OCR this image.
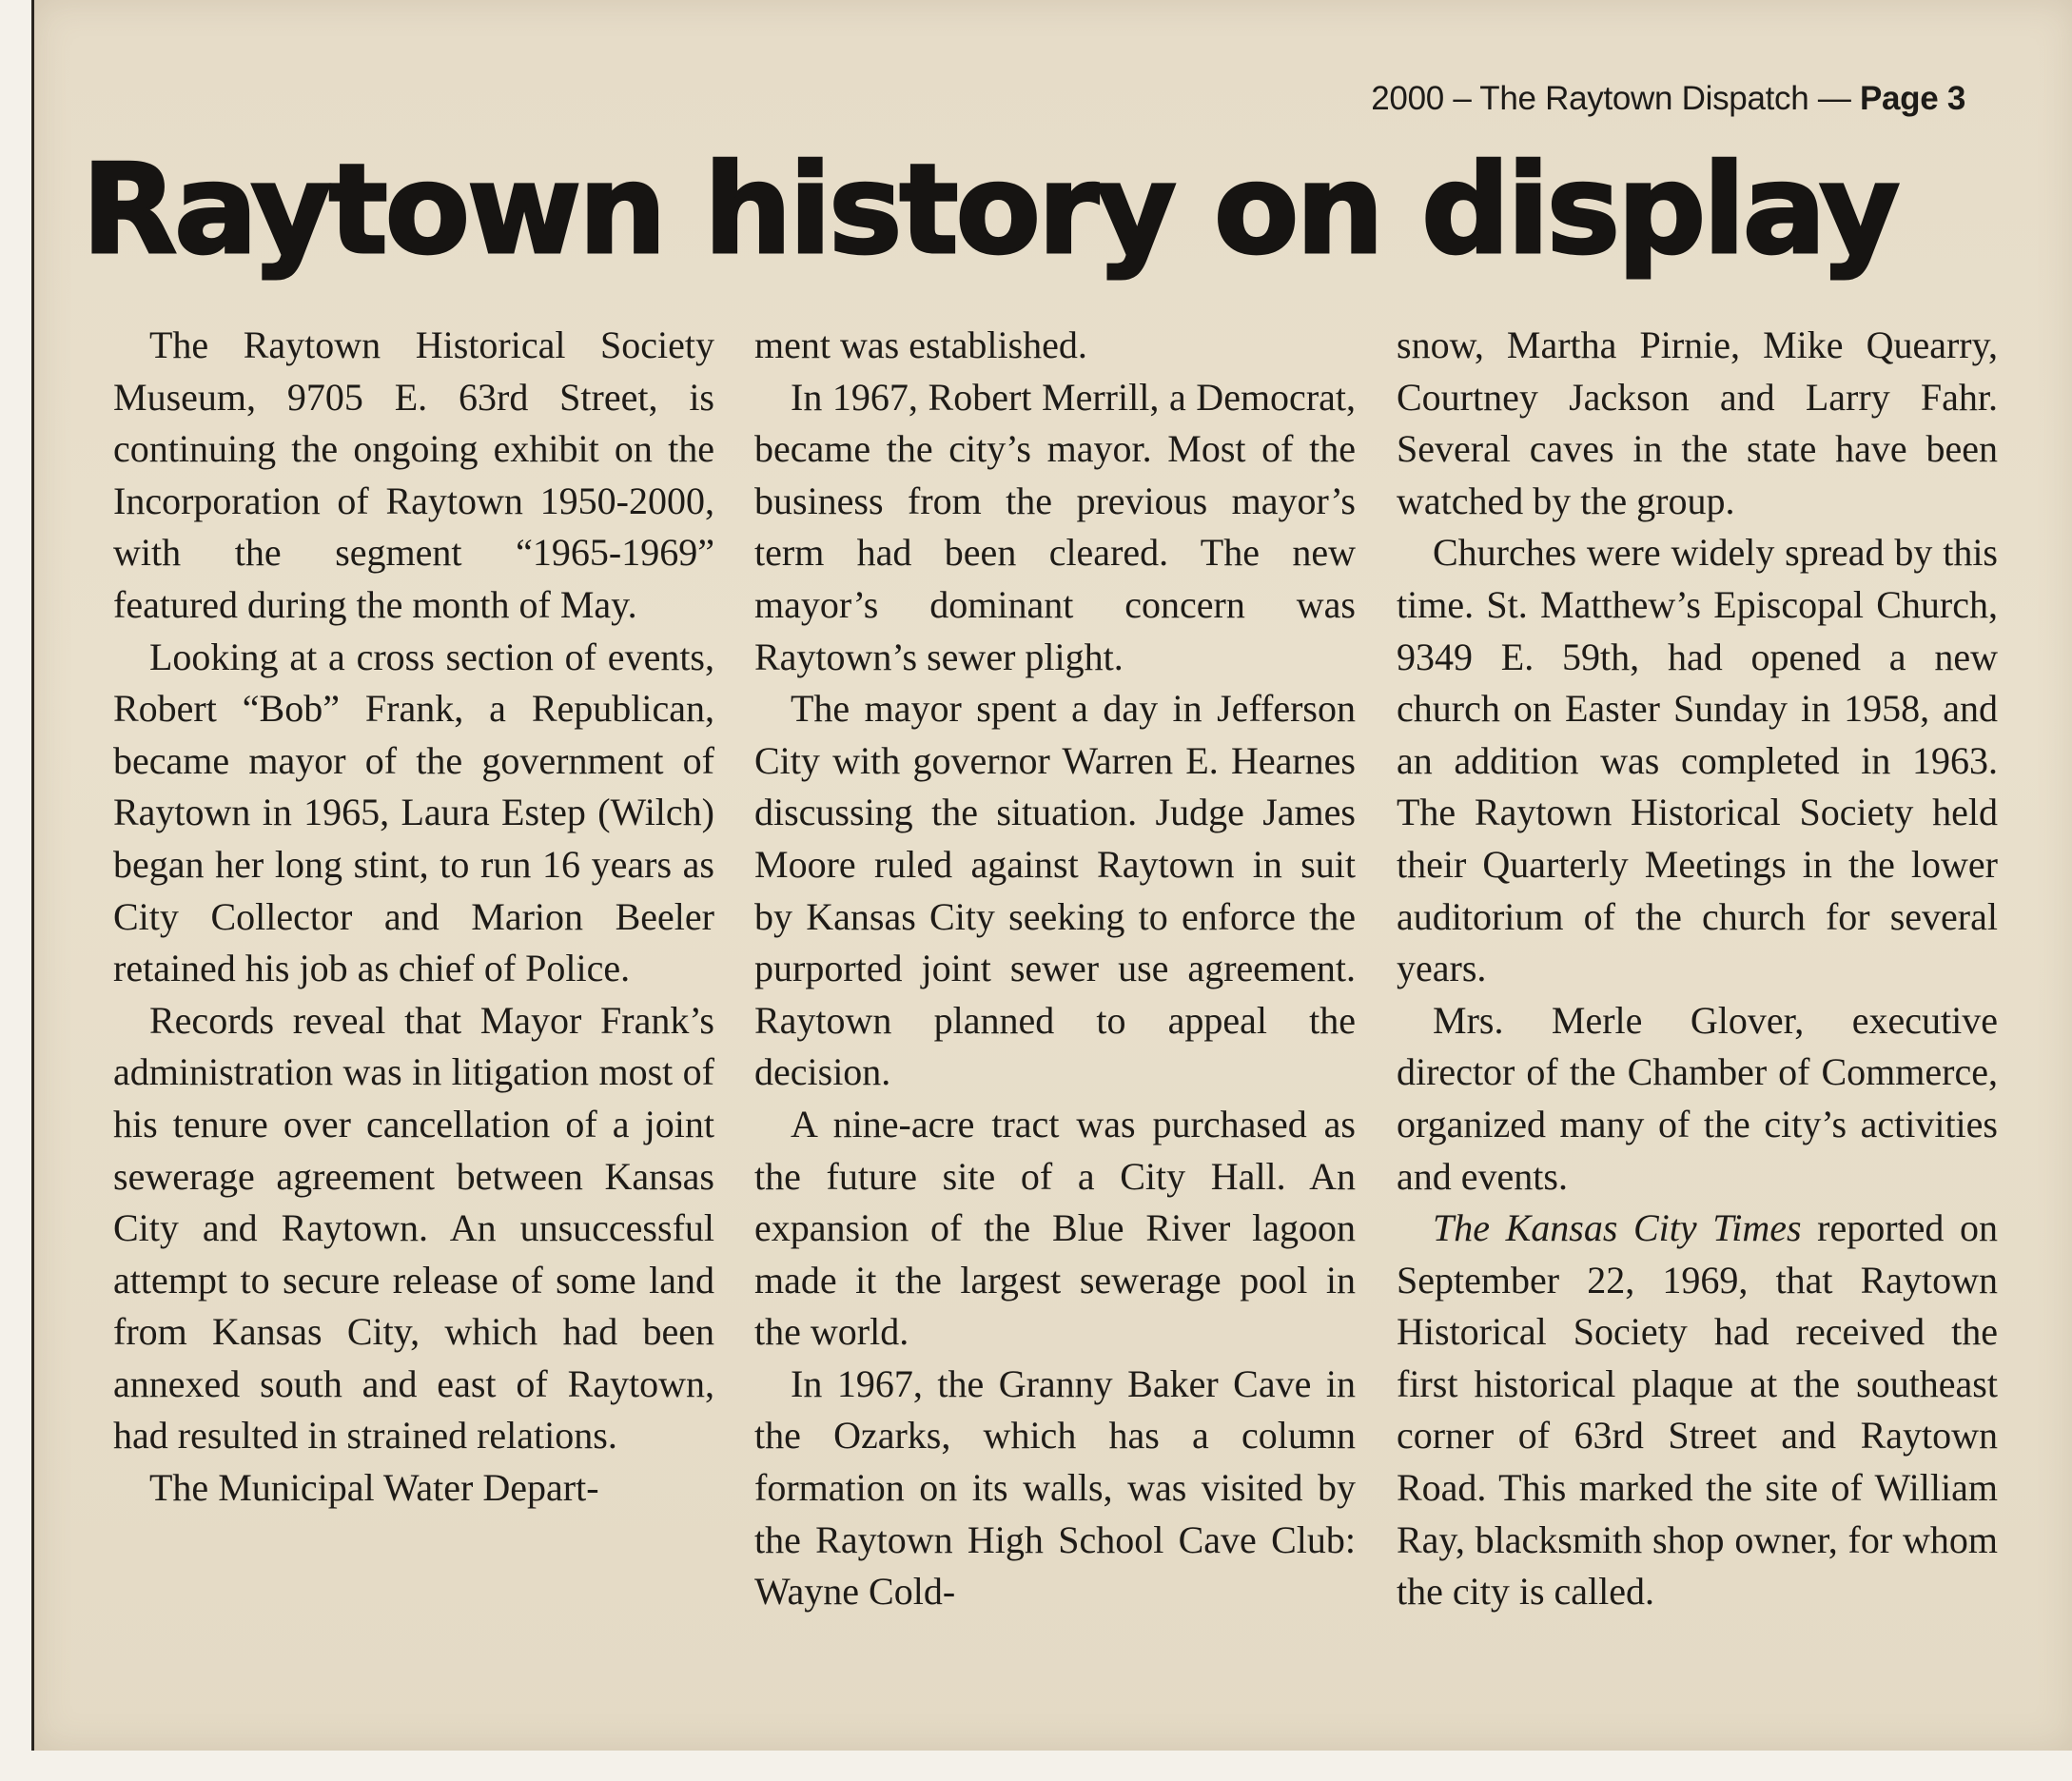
2000 – The Raytown Dispatch — Page 3
Raytown history on display

The Raytown Historical Society Museum, 9705 E. 63rd Street, is continuing the ongoing exhibit on the Incorporation of Raytown 1950-2000, with the segment “1965-1969” featured during the month of May.

Looking at a cross section of events, Robert “Bob” Frank, a Republican, became mayor of the government of Raytown in 1965, Laura Estep (Wilch) began her long stint, to run 16 years as City Collector and Marion Beeler retained his job as chief of Police.

Records reveal that Mayor Frank’s administration was in litigation most of his tenure over cancellation of a joint sewerage agreement between Kansas City and Raytown. An unsuccessful attempt to secure release of some land from Kansas City, which had been annexed south and east of Raytown, had resulted in strained relations.

The Municipal Water Depart-

ment was established.

In 1967, Robert Merrill, a Democrat, became the city’s mayor. Most of the business from the previous mayor’s term had been cleared. The new mayor’s dominant concern was Raytown’s sewer plight.

The mayor spent a day in Jefferson City with governor Warren E. Hearnes discussing the situation. Judge James Moore ruled against Raytown in suit by Kansas City seeking to enforce the purported joint sewer use agreement. Raytown planned to appeal the decision.

A nine-acre tract was purchased as the future site of a City Hall. An expansion of the Blue River lagoon made it the largest sewerage pool in the world.

In 1967, the Granny Baker Cave in the Ozarks, which has a column formation on its walls, was visited by the Raytown High School Cave Club: Wayne Cold-

snow, Martha Pirnie, Mike Quearry, Courtney Jackson and Larry Fahr. Several caves in the state have been watched by the group.

Churches were widely spread by this time. St. Matthew’s Episcopal Church, 9349 E. 59th, had opened a new church on Easter Sunday in 1958, and an addition was completed in 1963. The Raytown Historical Society held their Quarterly Meetings in the lower auditorium of the church for several years.

Mrs. Merle Glover, executive director of the Chamber of Commerce, organized many of the city’s activities and events.

The Kansas City Times reported on September 22, 1969, that Raytown Historical Society had received the first historical plaque at the southeast corner of 63rd Street and Raytown Road. This marked the site of William Ray, blacksmith shop owner, for whom the city is called.
